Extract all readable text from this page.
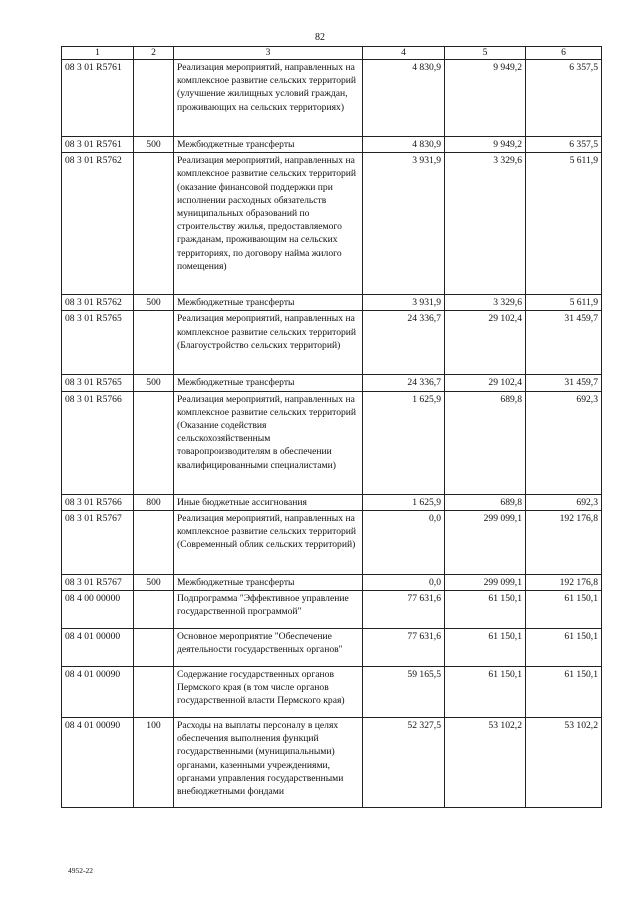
82
1	2	3	4	5	6
08 3 01 R5761		Реализация мероприятий, направленных на комплексное развитие сельских территорий (улучшение жилищных условий граждан, проживающих на сельских территориях)	4 830,9	9 949,2	6 357,5
08 3 01 R5761	500	Межбюджетные трансферты	4 830,9	9 949,2	6 357,5
08 3 01 R5762		Реализация мероприятий, направленных на комплексное развитие сельских территорий (оказание финансовой поддержки при исполнении расходных обязательств муниципальных образований по строительству жилья, предоставляемого гражданам, проживающим на сельских территориях, по договору найма жилого помещения)	3 931,9	3 329,6	5 611,9
08 3 01 R5762	500	Межбюджетные трансферты	3 931,9	3 329,6	5 611,9
08 3 01 R5765		Реализация мероприятий, направленных на комплексное развитие сельских территорий (Благоустройство сельских территорий)	24 336,7	29 102,4	31 459,7
08 3 01 R5765	500	Межбюджетные трансферты	24 336,7	29 102,4	31 459,7
08 3 01 R5766		Реализация мероприятий, направленных на комплексное развитие сельских территорий (Оказание содействия сельскохозяйственным товаропроизводителям в обеспечении квалифицированными специалистами)	1 625,9	689,8	692,3
08 3 01 R5766	800	Иные бюджетные ассигнования	1 625,9	689,8	692,3
08 3 01 R5767		Реализация мероприятий, направленных на комплексное развитие сельских территорий (Современный облик сельских территорий)	0,0	299 099,1	192 176,8
08 3 01 R5767	500	Межбюджетные трансферты	0,0	299 099,1	192 176,8
08 4 00 00000		Подпрограмма "Эффективное управление государственной программой"	77 631,6	61 150,1	61 150,1
08 4 01 00000		Основное мероприятие "Обеспечение деятельности государственных органов"	77 631,6	61 150,1	61 150,1
08 4 01 00090		Содержание государственных органов Пермского края (в том числе органов государственной власти Пермского края)	59 165,5	61 150,1	61 150,1
08 4 01 00090	100	Расходы на выплаты персоналу в целях обеспечения выполнения функций государственными (муниципальными) органами, казенными учреждениями, органами управления государственными внебюджетными фондами	52 327,5	53 102,2	53 102,2
4952-22
